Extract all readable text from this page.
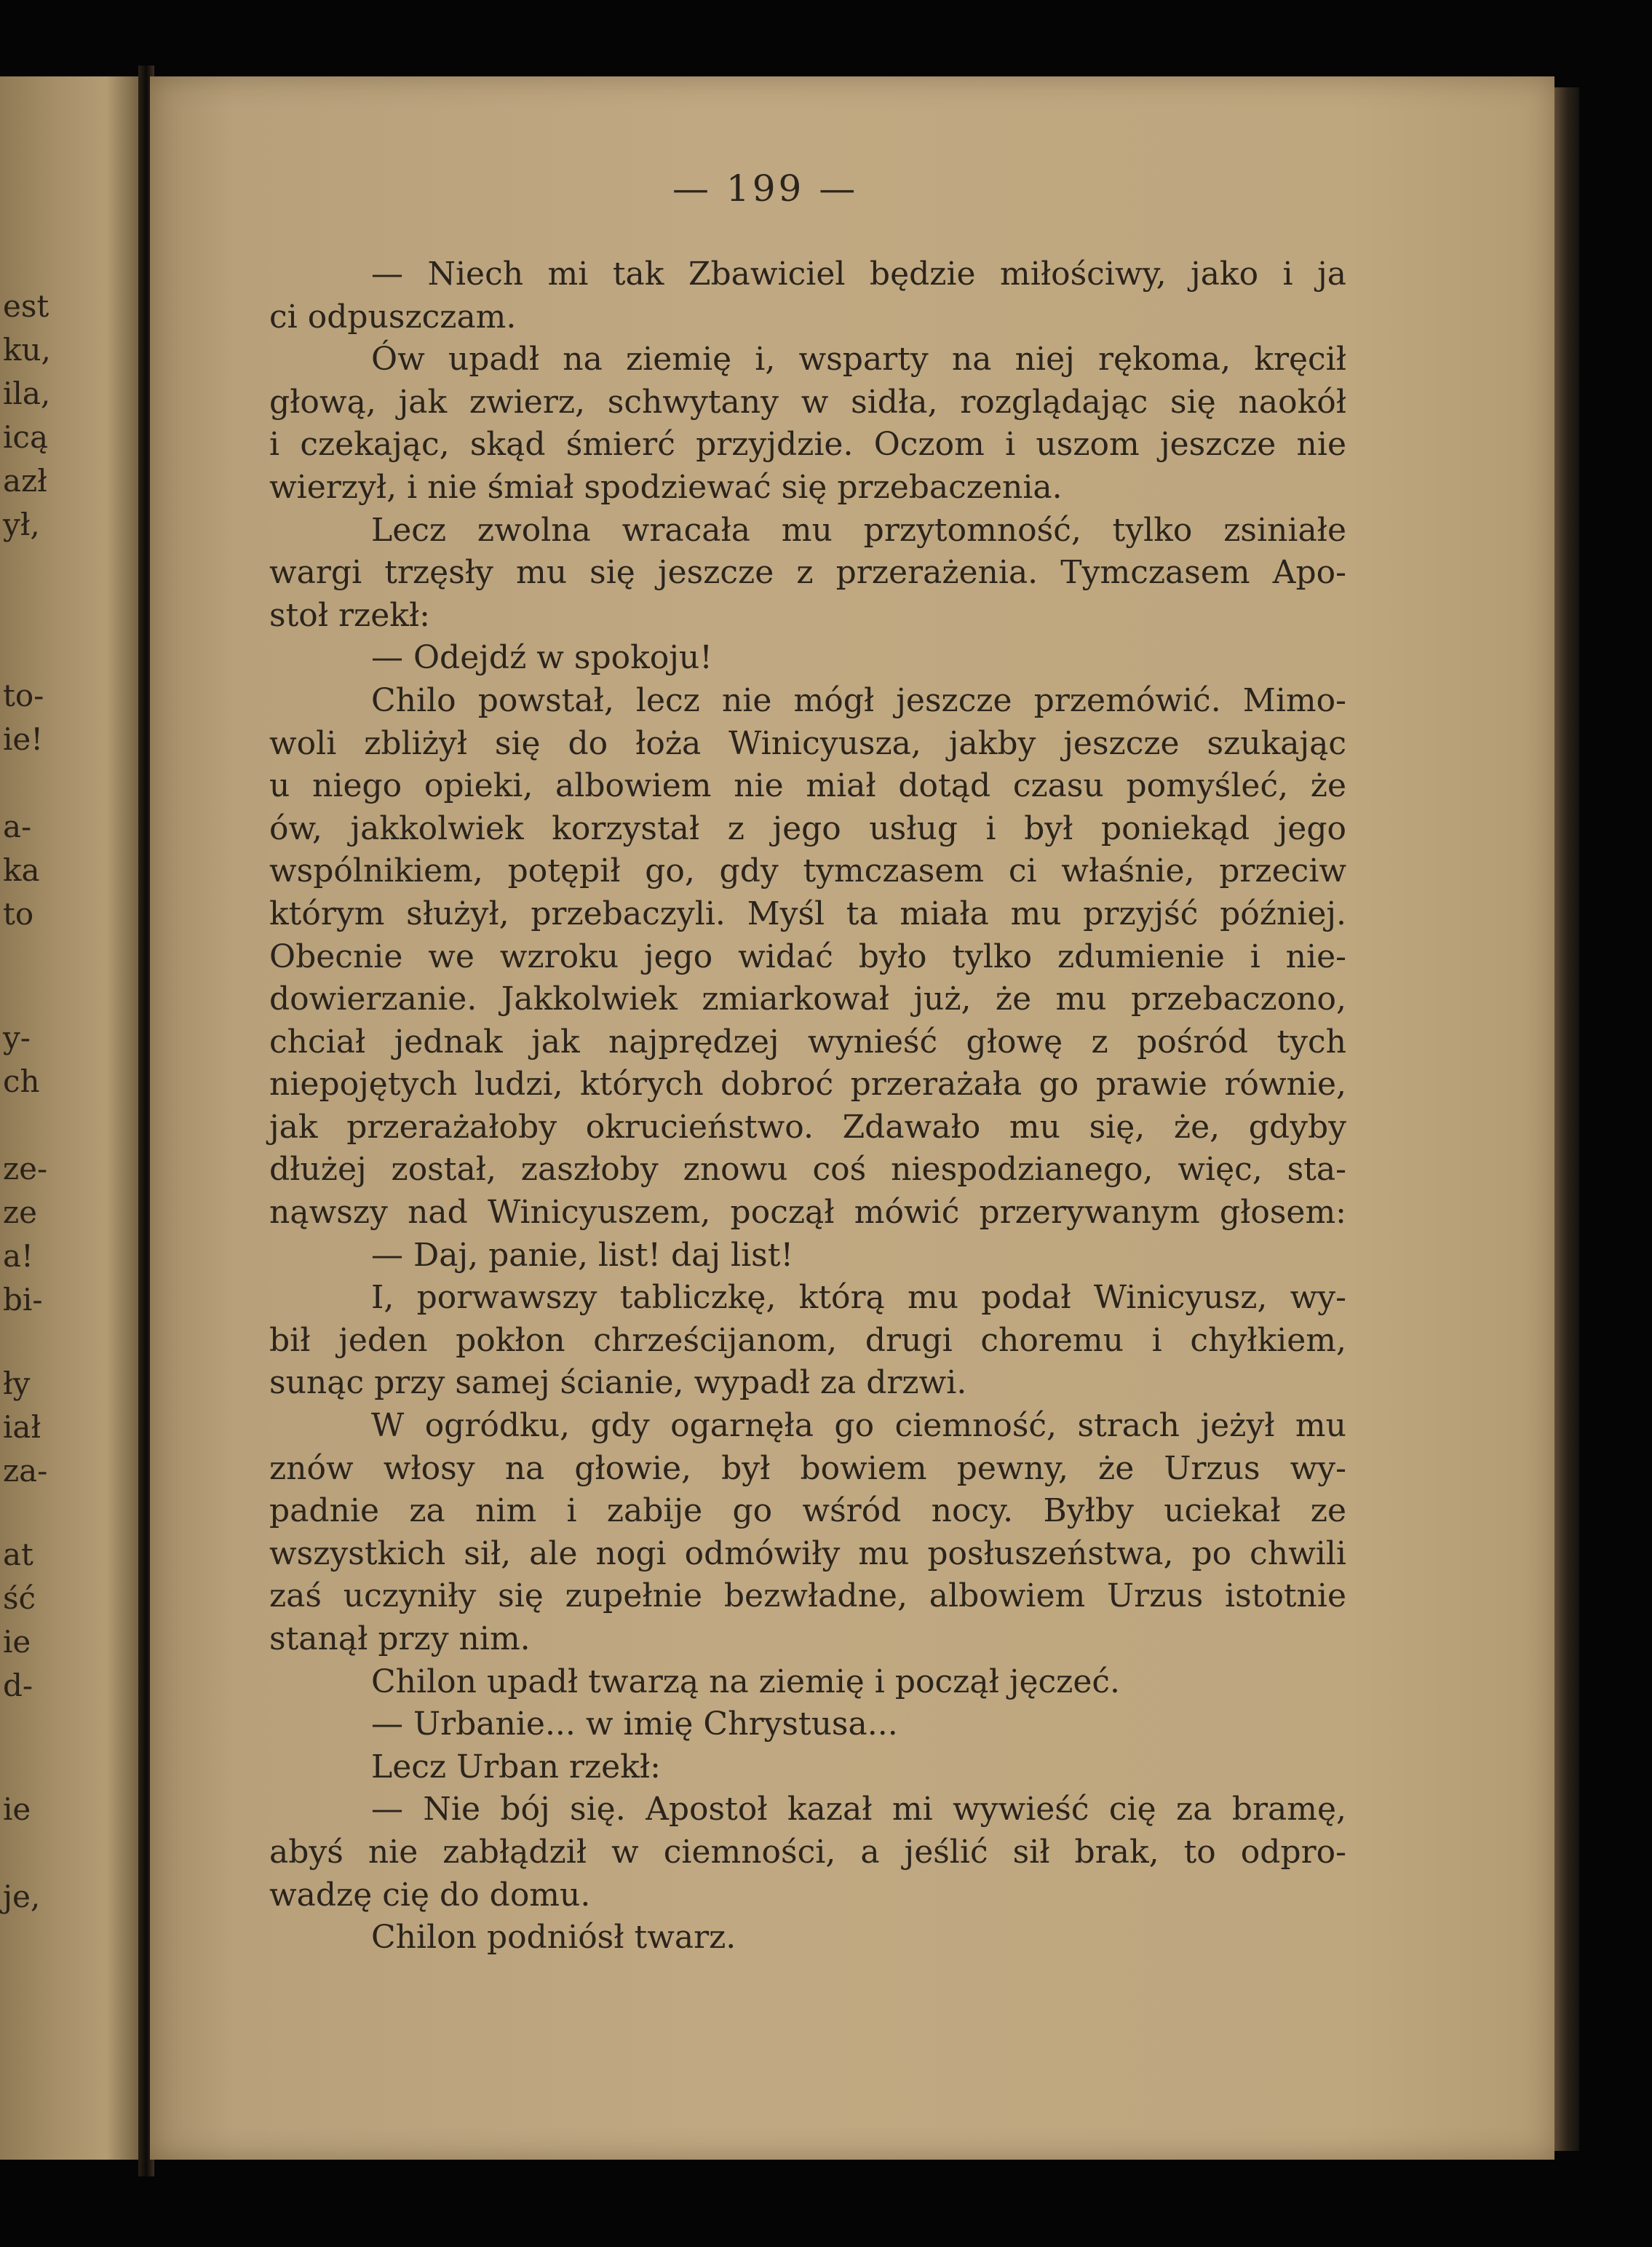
est
ku,
ila,
icą
azł
ył,
to-
ie!
a-
ka
to
y-
ch
ze-
ze
a!
bi-
ły
iał
za-
at
ść
ie
d-
ie
je,
— 199 —
— Niech mi tak Zbawiciel będzie miłościwy, jako i ja
ci odpuszczam.
Ów upadł na ziemię i, wsparty na niej rękoma, kręcił
głową, jak zwierz, schwytany w sidła, rozglądając się naokół
i czekając, skąd śmierć przyjdzie. Oczom i uszom jeszcze nie
wierzył, i nie śmiał spodziewać się przebaczenia.
Lecz zwolna wracała mu przytomność, tylko zsiniałe
wargi trzęsły mu się jeszcze z przerażenia. Tymczasem Apo-
stoł rzekł:
— Odejdź w spokoju!
Chilo powstał, lecz nie mógł jeszcze przemówić. Mimo-
woli zbliżył się do łoża Winicyusza, jakby jeszcze szukając
u niego opieki, albowiem nie miał dotąd czasu pomyśleć, że
ów, jakkolwiek korzystał z jego usług i był poniekąd jego
wspólnikiem, potępił go, gdy tymczasem ci właśnie, przeciw
którym służył, przebaczyli. Myśl ta miała mu przyjść później.
Obecnie we wzroku jego widać było tylko zdumienie i nie-
dowierzanie. Jakkolwiek zmiarkował już, że mu przebaczono,
chciał jednak jak najprędzej wynieść głowę z pośród tych
niepojętych ludzi, których dobroć przerażała go prawie równie,
jak przerażałoby okrucieństwo. Zdawało mu się, że, gdyby
dłużej został, zaszłoby znowu coś niespodzianego, więc, sta-
nąwszy nad Winicyuszem, począł mówić przerywanym głosem:
— Daj, panie, list! daj list!
I, porwawszy tabliczkę, którą mu podał Winicyusz, wy-
bił jeden pokłon chrześcijanom, drugi choremu i chyłkiem,
sunąc przy samej ścianie, wypadł za drzwi.
W ogródku, gdy ogarnęła go ciemność, strach jeżył mu
znów włosy na głowie, był bowiem pewny, że Urzus wy-
padnie za nim i zabije go wśród nocy. Byłby uciekał ze
wszystkich sił, ale nogi odmówiły mu posłuszeństwa, po chwili
zaś uczyniły się zupełnie bezwładne, albowiem Urzus istotnie
stanął przy nim.
Chilon upadł twarzą na ziemię i począł jęczeć.
— Urbanie... w imię Chrystusa...
Lecz Urban rzekł:
— Nie bój się. Apostoł kazał mi wywieść cię za bramę,
abyś nie zabłądził w ciemności, a jeślić sił brak, to odpro-
wadzę cię do domu.
Chilon podniósł twarz.
